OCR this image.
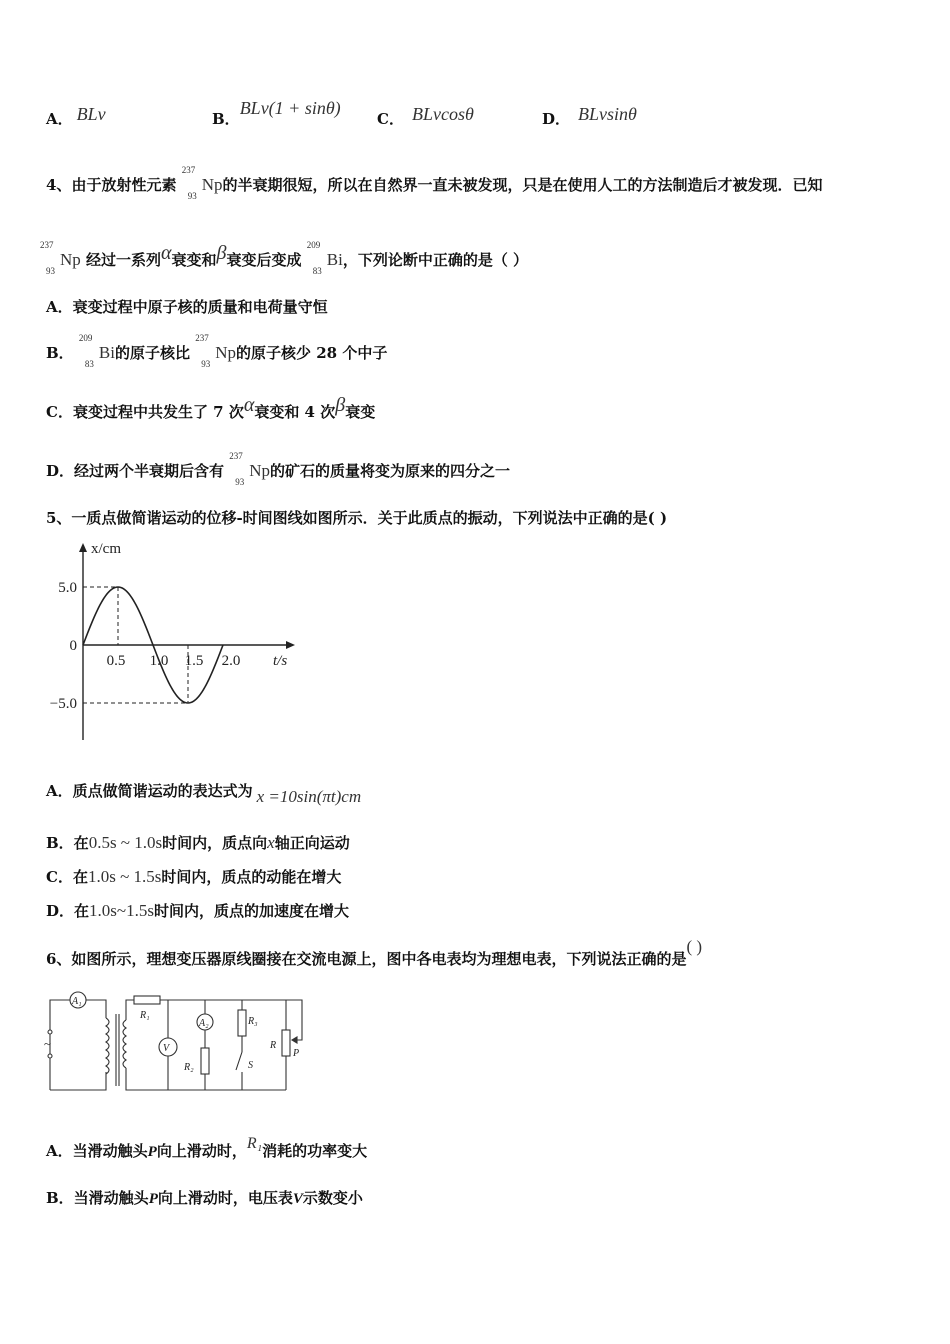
A． BLv	B．BLv(1 + sinθ)
C． BLvcosθ	D． BLvsinθ
4、由于放射性元素
237
93
Np的半衰期很短，所以在自然界一直未被发现，只是在使用人工的方法制造后才被发现．已知
237
93
Np 经过一系列α衰变和β衰变后变成
209
83
Bi，下列论断中正确的是（ ）
A．衰变过程中原子核的质量和电荷量守恒
B．
209
83
Bi的原子核比
237
93
Np的原子核少 28 个中子
C．衰变过程中共发生了 7 次α衰变和 4 次β衰变
D．经过两个半衰期后含有
237
93
Np的矿石的质量将变为原来的四分之一
5、一质点做简谐运动的位移-时间图线如图所示．关于此质点的振动，下列说法中正确的是( )
x/cm
t/s
5.0
0
−5.0
0.5 1.0 1.5 2.0
A．质点做简谐运动的表达式为 x =10sin(πt)cm
B．在0.5s ~ 1.0s时间内，质点向x轴正向运动
C．在1.0s ~ 1.5s时间内，质点的动能在增大
D．在1.0s~1.5s时间内，质点的加速度在增大
6、如图所示，理想变压器原线圈接在交流电源上，图中各电表均为理想电表，下列说法正确的是( )
A₁
V
A₂
R₁
R₂
R₃
R
P
S
~
A．当滑动触头P向上滑动时，R₁消耗的功率变大
B．当滑动触头P向上滑动时，电压表V示数变小
